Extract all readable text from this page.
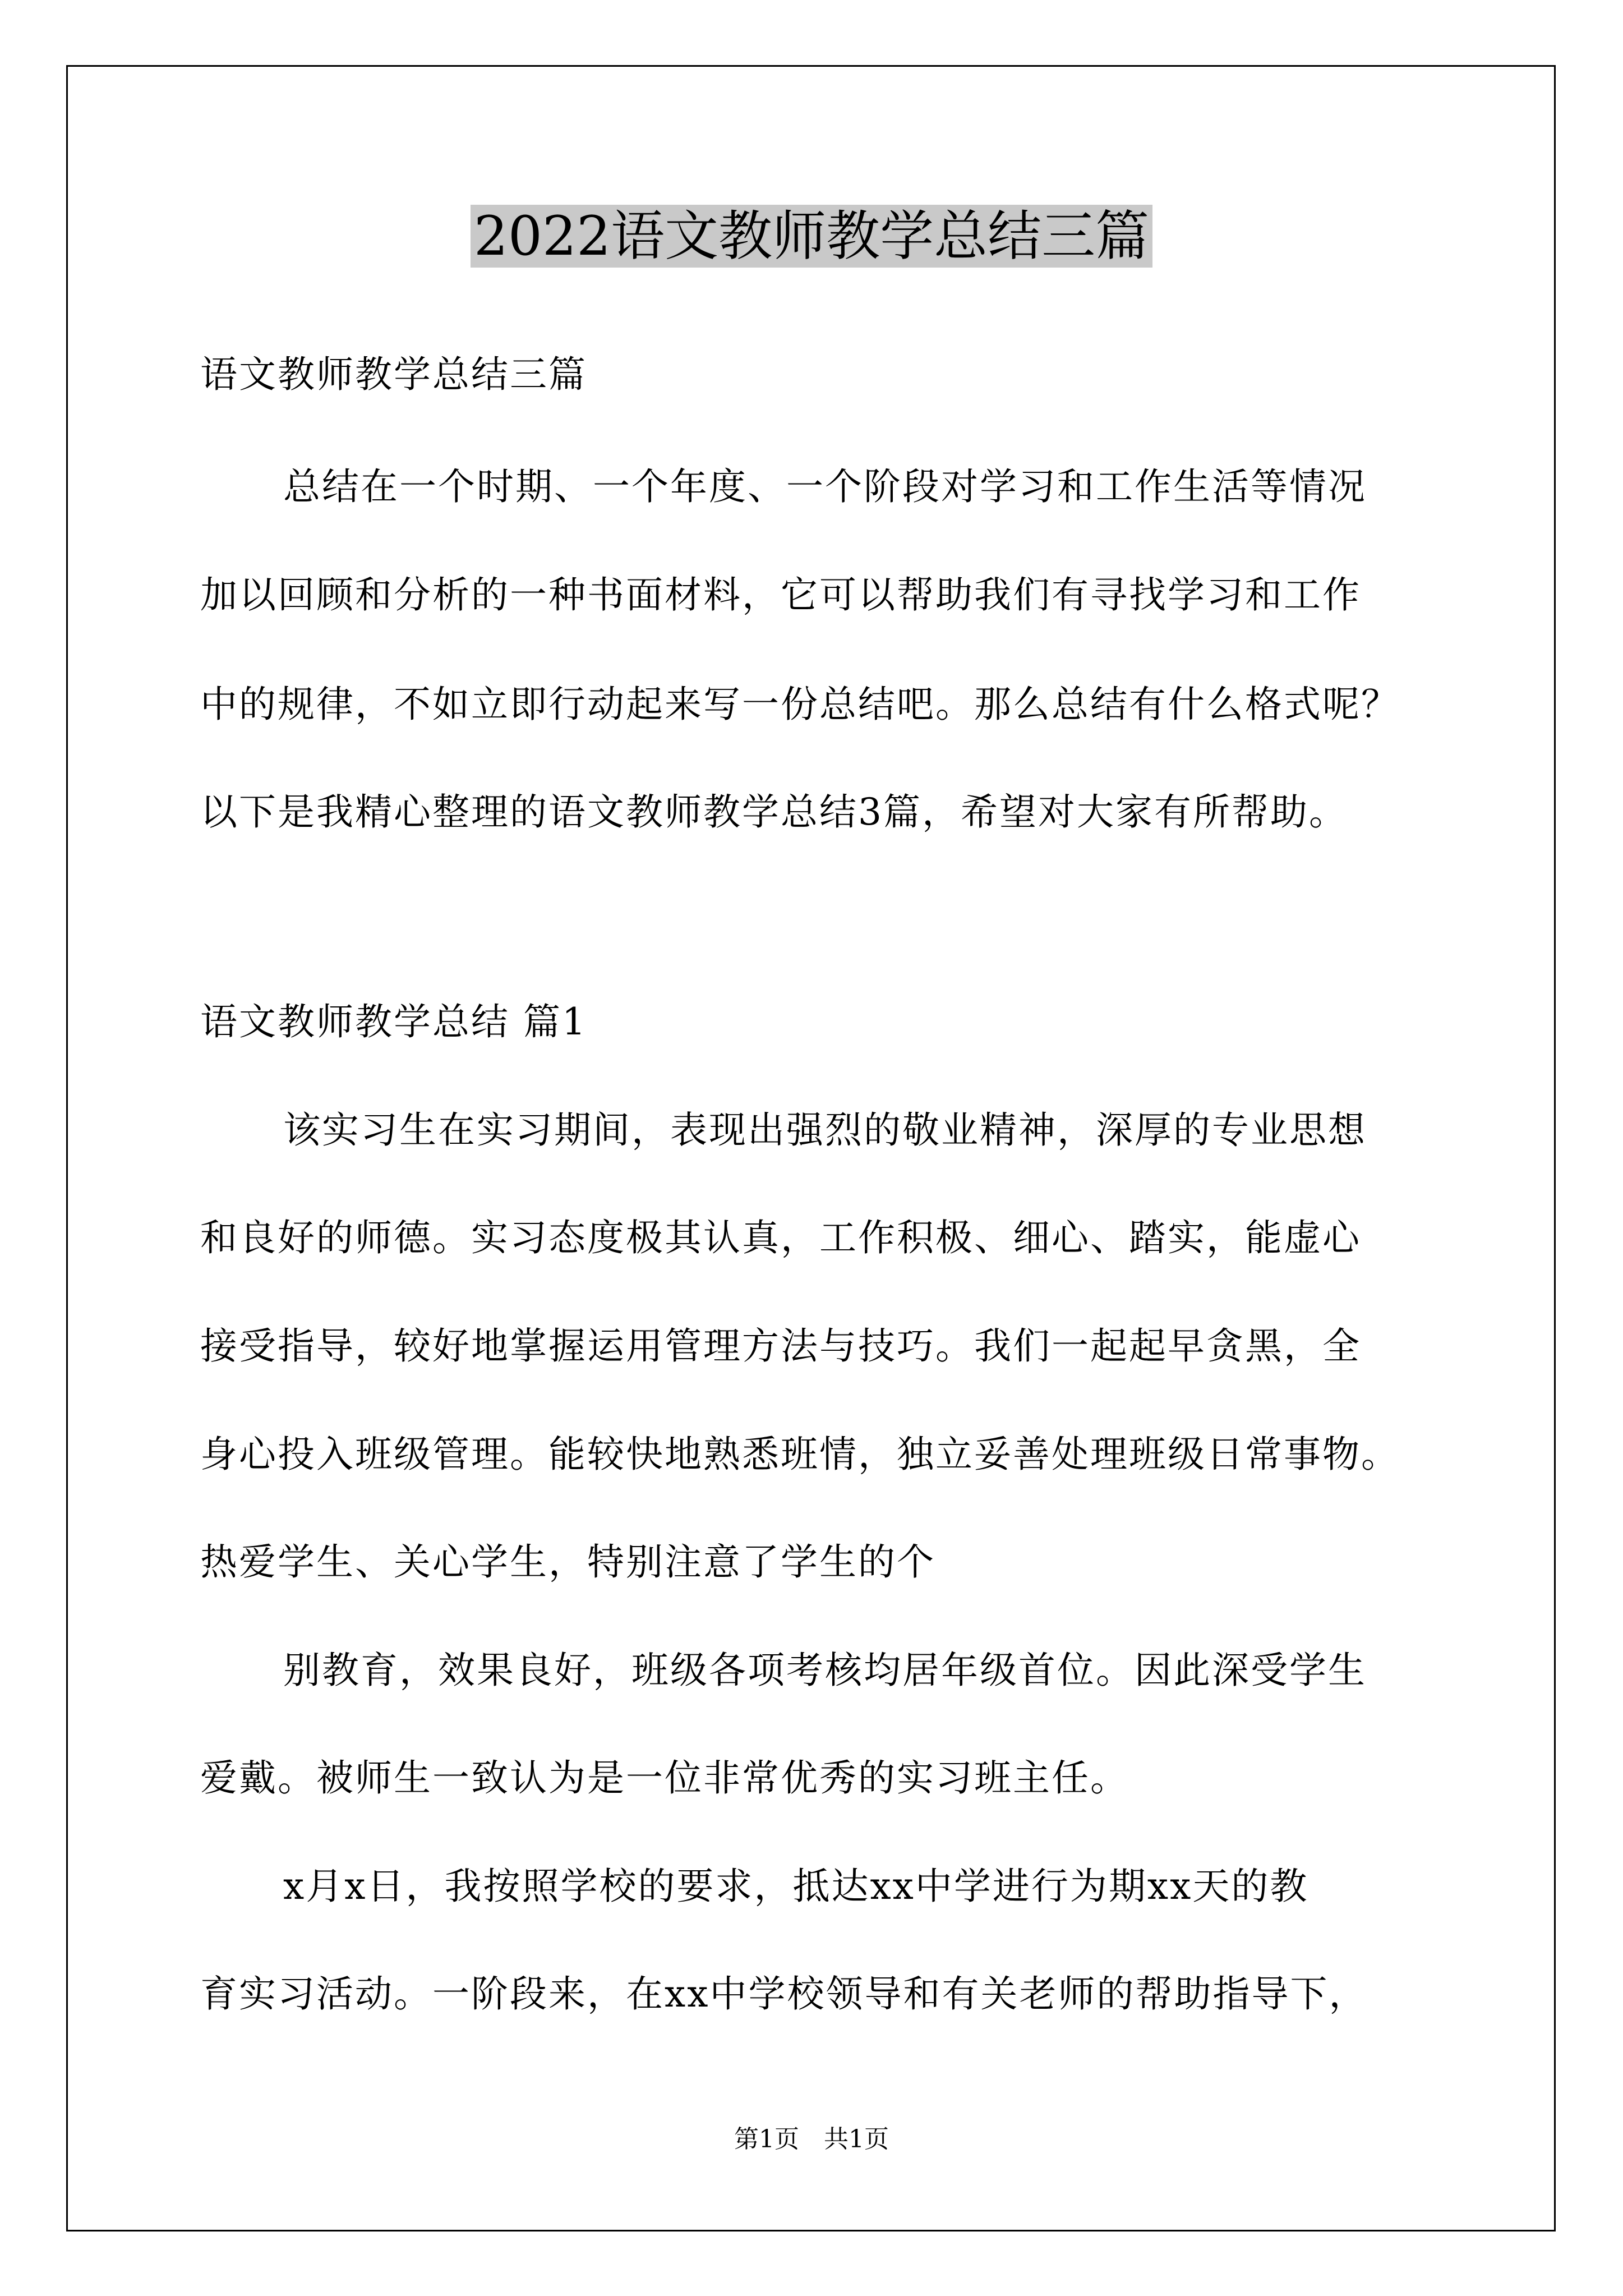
2022语文教师教学总结三篇
语文教师教学总结三篇
总结在一个时期、一个年度、一个阶段对学习和工作生活等情况
加以回顾和分析的一种书面材料，它可以帮助我们有寻找学习和工作
中的规律，不如立即行动起来写一份总结吧。那么总结有什么格式呢？
以下是我精心整理的语文教师教学总结3篇，希望对大家有所帮助。
语文教师教学总结 篇1
该实习生在实习期间，表现出强烈的敬业精神，深厚的专业思想
和良好的师德。实习态度极其认真，工作积极、细心、踏实，能虚心
接受指导，较好地掌握运用管理方法与技巧。我们一起起早贪黑，全
身心投入班级管理。能较快地熟悉班情，独立妥善处理班级日常事物。
热爱学生、关心学生，特别注意了学生的个
别教育，效果良好，班级各项考核均居年级首位。因此深受学生
爱戴。被师生一致认为是一位非常优秀的实习班主任。
x月x日，我按照学校的要求，抵达xx中学进行为期xx天的教
育实习活动。一阶段来，在xx中学校领导和有关老师的帮助指导下，
第1页　共1页
